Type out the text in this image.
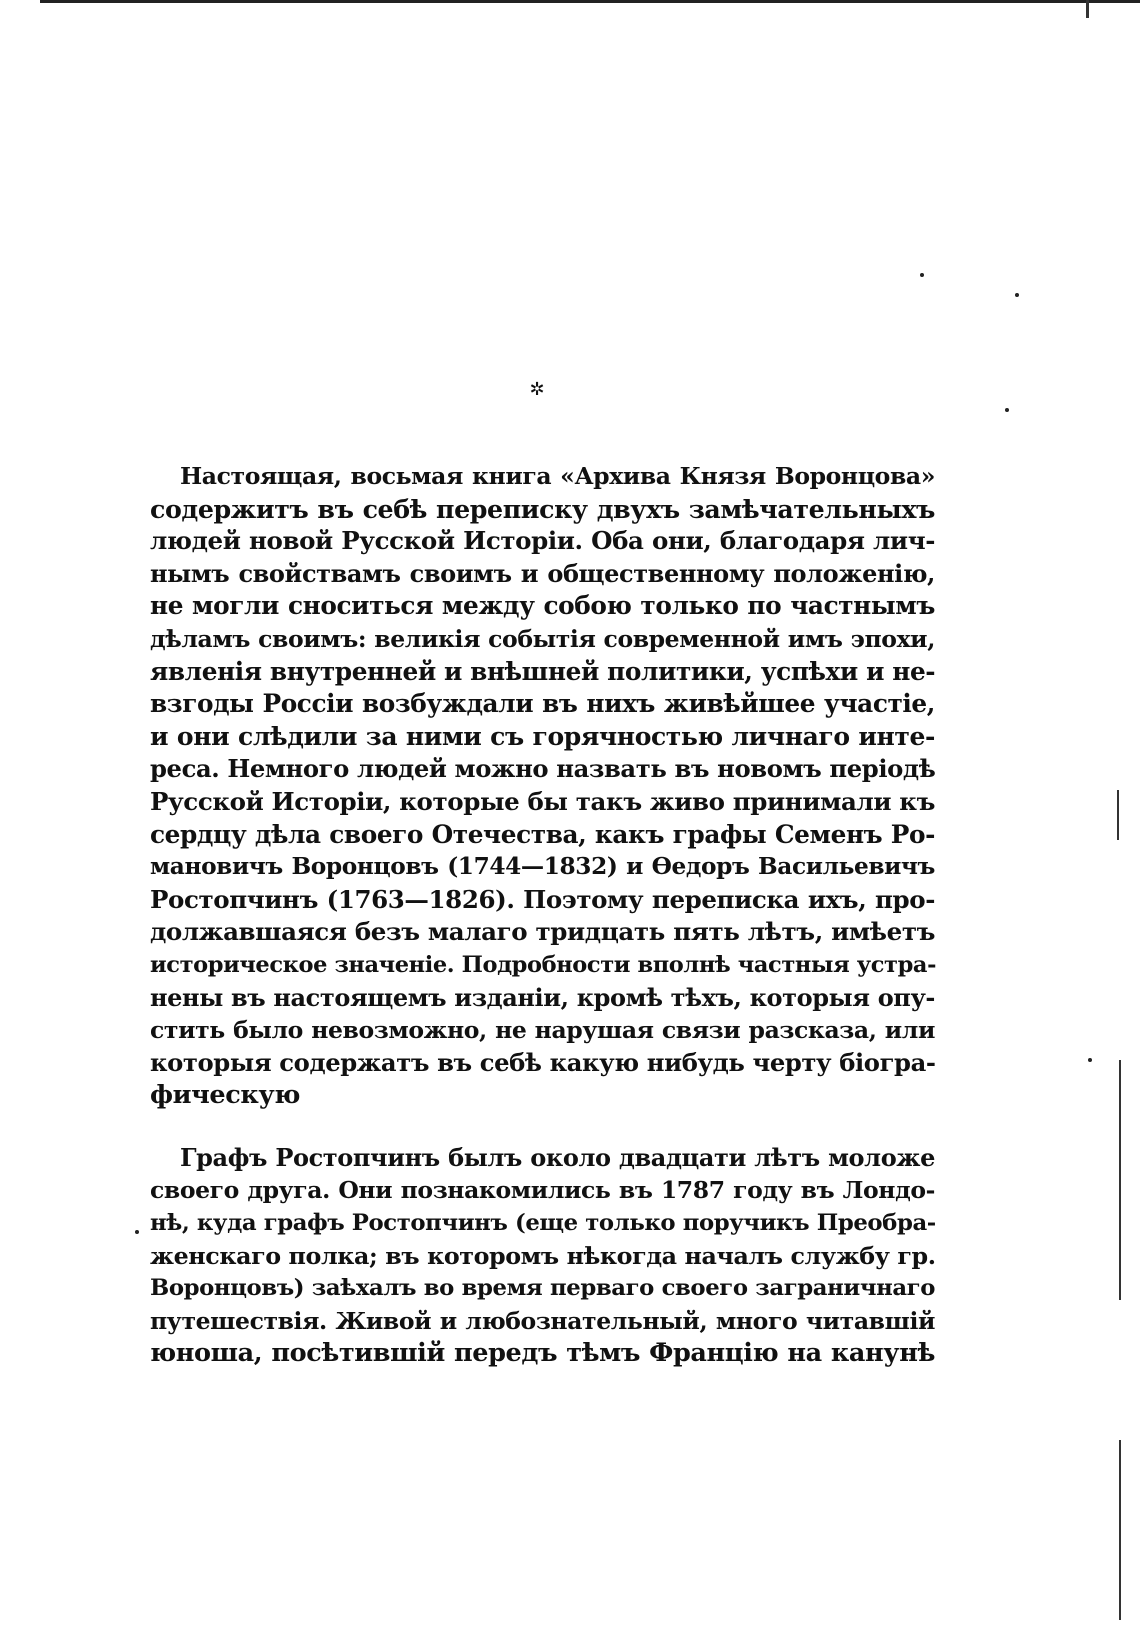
✲

Настоящая, восьмая книга «Архива Князя Воронцова»

содержитъ въ себѣ переписку двухъ замѣчательныхъ

людей новой Русской Исторіи. Оба они, благодаря лич-

нымъ свойствамъ своимъ и общественному положенію,

не могли сноситься между собою только по частнымъ

дѣламъ своимъ: великія событія современной имъ эпохи,

явленія внутренней и внѣшней политики, успѣхи и не-

взгоды Россіи возбуждали въ нихъ живѣйшее участіе,

и они слѣдили за ними съ горячностью личнаго инте-

реса. Немного людей можно назвать въ новомъ періодѣ

Русской Исторіи, которые бы такъ живо принимали къ

сердцу дѣла своего Отечества, какъ графы Семенъ Ро-

мановичъ Воронцовъ (1744—1832) и Ѳедоръ Васильевичъ

Ростопчинъ (1763—1826). Поэтому переписка ихъ, про-

должавшаяся безъ малаго тридцать пять лѣтъ, имѣетъ

историческое значеніе. Подробности вполнѣ частныя устра-

нены въ настоящемъ изданіи, кромѣ тѣхъ, которыя опу-

стить было невозможно, не нарушая связи разсказа, или

которыя содержатъ въ себѣ какую нибудь черту біогра-

фическую

Графъ Ростопчинъ былъ около двадцати лѣтъ моложе

своего друга. Они познакомились въ 1787 году въ Лондо-

нѣ, куда графъ Ростопчинъ (еще только поручикъ Преобра-

женскаго полка; въ которомъ нѣкогда началъ службу гр.

Воронцовъ) заѣхалъ во время перваго своего заграничнаго

путешествія. Живой и любознательный, много читавшій

юноша, посѣтившій передъ тѣмъ Францію на канунѣ
